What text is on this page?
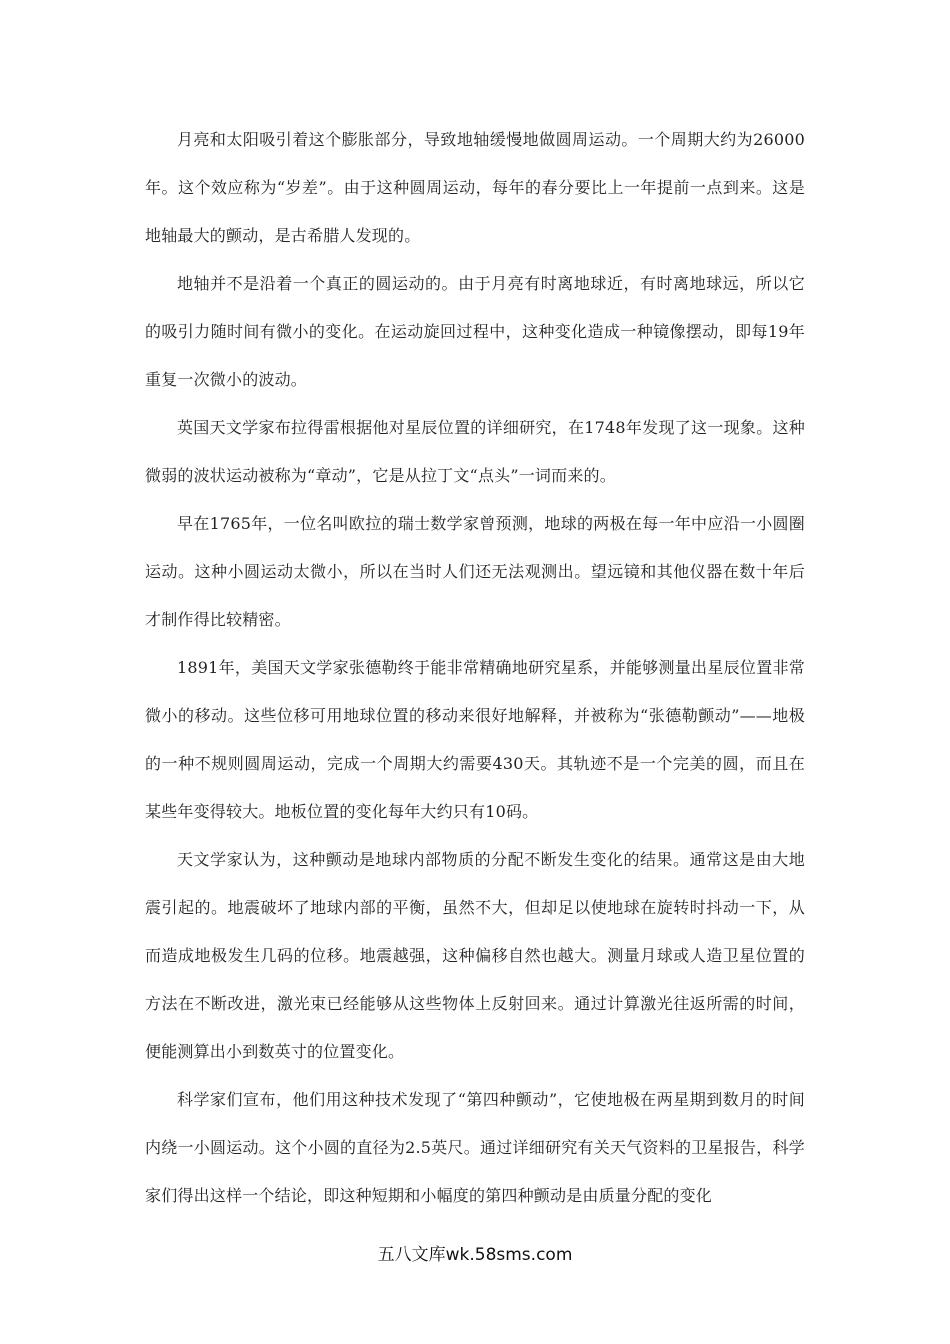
月亮和太阳吸引着这个膨胀部分，导致地轴缓慢地做圆周运动。一个周期大约为26000年。这个效应称为“岁差”。由于这种圆周运动，每年的春分要比上一年提前一点到来。这是地轴最大的颤动，是古希腊人发现的。

地轴并不是沿着一个真正的圆运动的。由于月亮有时离地球近，有时离地球远，所以它的吸引力随时间有微小的变化。在运动旋回过程中，这种变化造成一种镜像摆动，即每19年重复一次微小的波动。

英国天文学家布拉得雷根据他对星辰位置的详细研究，在1748年发现了这一现象。这种微弱的波状运动被称为“章动”，它是从拉丁文“点头”一词而来的。

早在1765年，一位名叫欧拉的瑞士数学家曾预测，地球的两极在每一年中应沿一小圆圈运动。这种小圆运动太微小，所以在当时人们还无法观测出。望远镜和其他仪器在数十年后才制作得比较精密。

1891年，美国天文学家张德勒终于能非常精确地研究星系，并能够测量出星辰位置非常微小的移动。这些位移可用地球位置的移动来很好地解释，并被称为“张德勒颤动”——地极的一种不规则圆周运动，完成一个周期大约需要430天。其轨迹不是一个完美的圆，而且在某些年变得较大。地板位置的变化每年大约只有10码。

天文学家认为，这种颤动是地球内部物质的分配不断发生变化的结果。通常这是由大地震引起的。地震破坏了地球内部的平衡，虽然不大，但却足以使地球在旋转时抖动一下，从而造成地极发生几码的位移。地震越强，这种偏移自然也越大。测量月球或人造卫星位置的方法在不断改进，激光束已经能够从这些物体上反射回来。通过计算激光往返所需的时间，便能测算出小到数英寸的位置变化。

科学家们宣布，他们用这种技术发现了“第四种颤动”，它使地极在两星期到数月的时间内绕一小圆运动。这个小圆的直径为2.5英尺。通过详细研究有关天气资料的卫星报告，科学家们得出这样一个结论，即这种短期和小幅度的第四种颤动是由质量分配的变化

五八文库wk.58sms.com
